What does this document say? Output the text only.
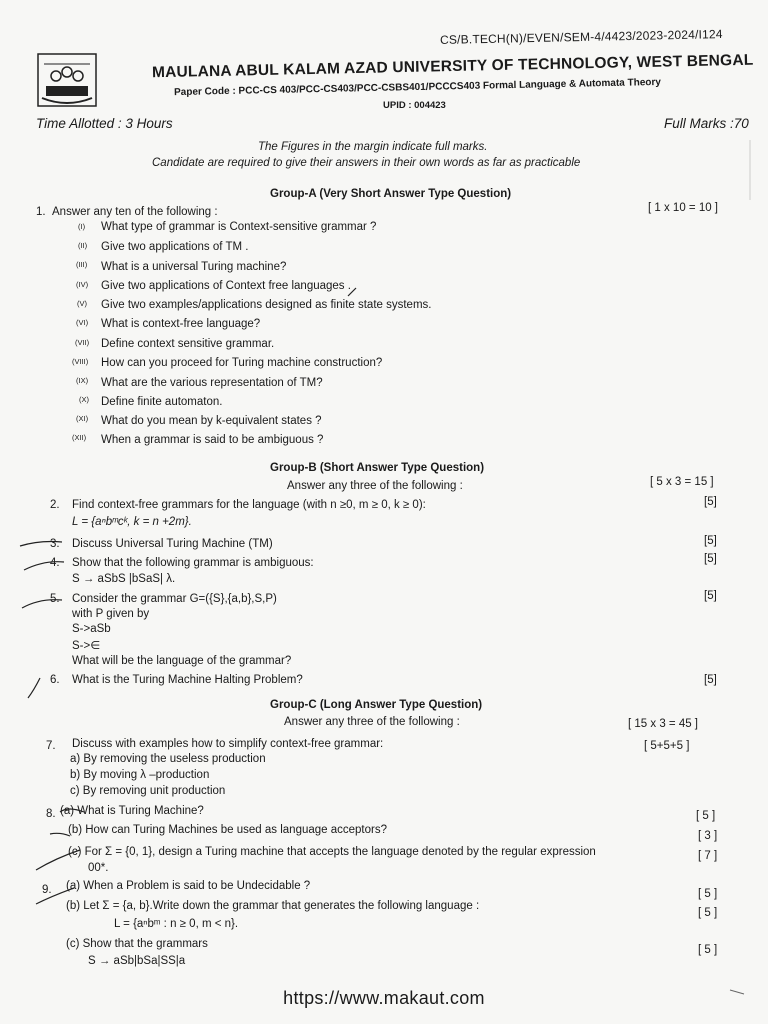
CS/B.TECH(N)/EVEN/SEM-4/4423/2023-2024/I124
MAULANA ABUL KALAM AZAD UNIVERSITY OF TECHNOLOGY, WEST BENGAL
Paper Code : PCC-CS 403/PCC-CS403/PCC-CSBS401/PCCCS403 Formal Language & Automata Theory
UPID : 004423
Time Allotted : 3 Hours	Full Marks :70
The Figures in the margin indicate full marks.
Candidate are required to give their answers in their own words as far as practicable
Group-A (Very Short Answer Type Question)
1. Answer any ten of the following :	[ 1 x 10 = 10 ]
(I) What type of grammar is Context-sensitive grammar ?
(II) Give two applications of TM .
(III) What is a universal Turing machine?
(IV) Give two applications of Context free languages .
(V) Give two examples/applications designed as finite state systems.
(VI) What is context-free language?
(VII) Define context sensitive grammar.
(VIII) How can you proceed for Turing machine construction?
(IX) What are the various representation of TM?
(X) Define finite automaton.
(XI) What do you mean by k-equivalent states ?
(XII) When a grammar is said to be ambiguous ?
Group-B (Short Answer Type Question)
Answer any three of the following :	[ 5 x 3 = 15 ]
2. Find context-free grammars for the language (with n ≥0, m ≥ 0, k ≥ 0):
L = {aⁿbᵐcᵏ, k = n +2m}.
[5]
3. Discuss Universal Turing Machine (TM)	[5]
4. Show that the following grammar is ambiguous:
S → aSbS |bSaS| λ.
[5]
5. Consider the grammar G=({S},{a,b},S,P)
with P given by
S->aSb
S->∈
What will be the language of the grammar?
[5]
6. What is the Turing Machine Halting Problem?	[5]
Group-C (Long Answer Type Question)
Answer any three of the following :	[ 15 x 3 = 45 ]
7. Discuss with examples how to simplify context-free grammar:	[ 5+5+5 ]
a) By removing the useless production
b) By moving λ –production
c) By removing unit production
8. (a) What is Turing Machine?	[ 5 ]
(b) How can Turing Machines be used as language acceptors?	[ 3 ]
(c) For Σ = {0, 1}, design a Turing machine that accepts the language denoted by the regular expression
00*.
[ 7 ]
9. (a) When a Problem is said to be Undecidable ?
[ 5 ]
(b) Let Σ = {a, b}.Write down the grammar that generates the following language :
L = {aⁿbᵐ : n ≥ 0, m < n}.
[ 5 ]
(c) Show that the grammars
S → aSb|bSa|SS|a
[ 5 ]
https://www.makaut.com
